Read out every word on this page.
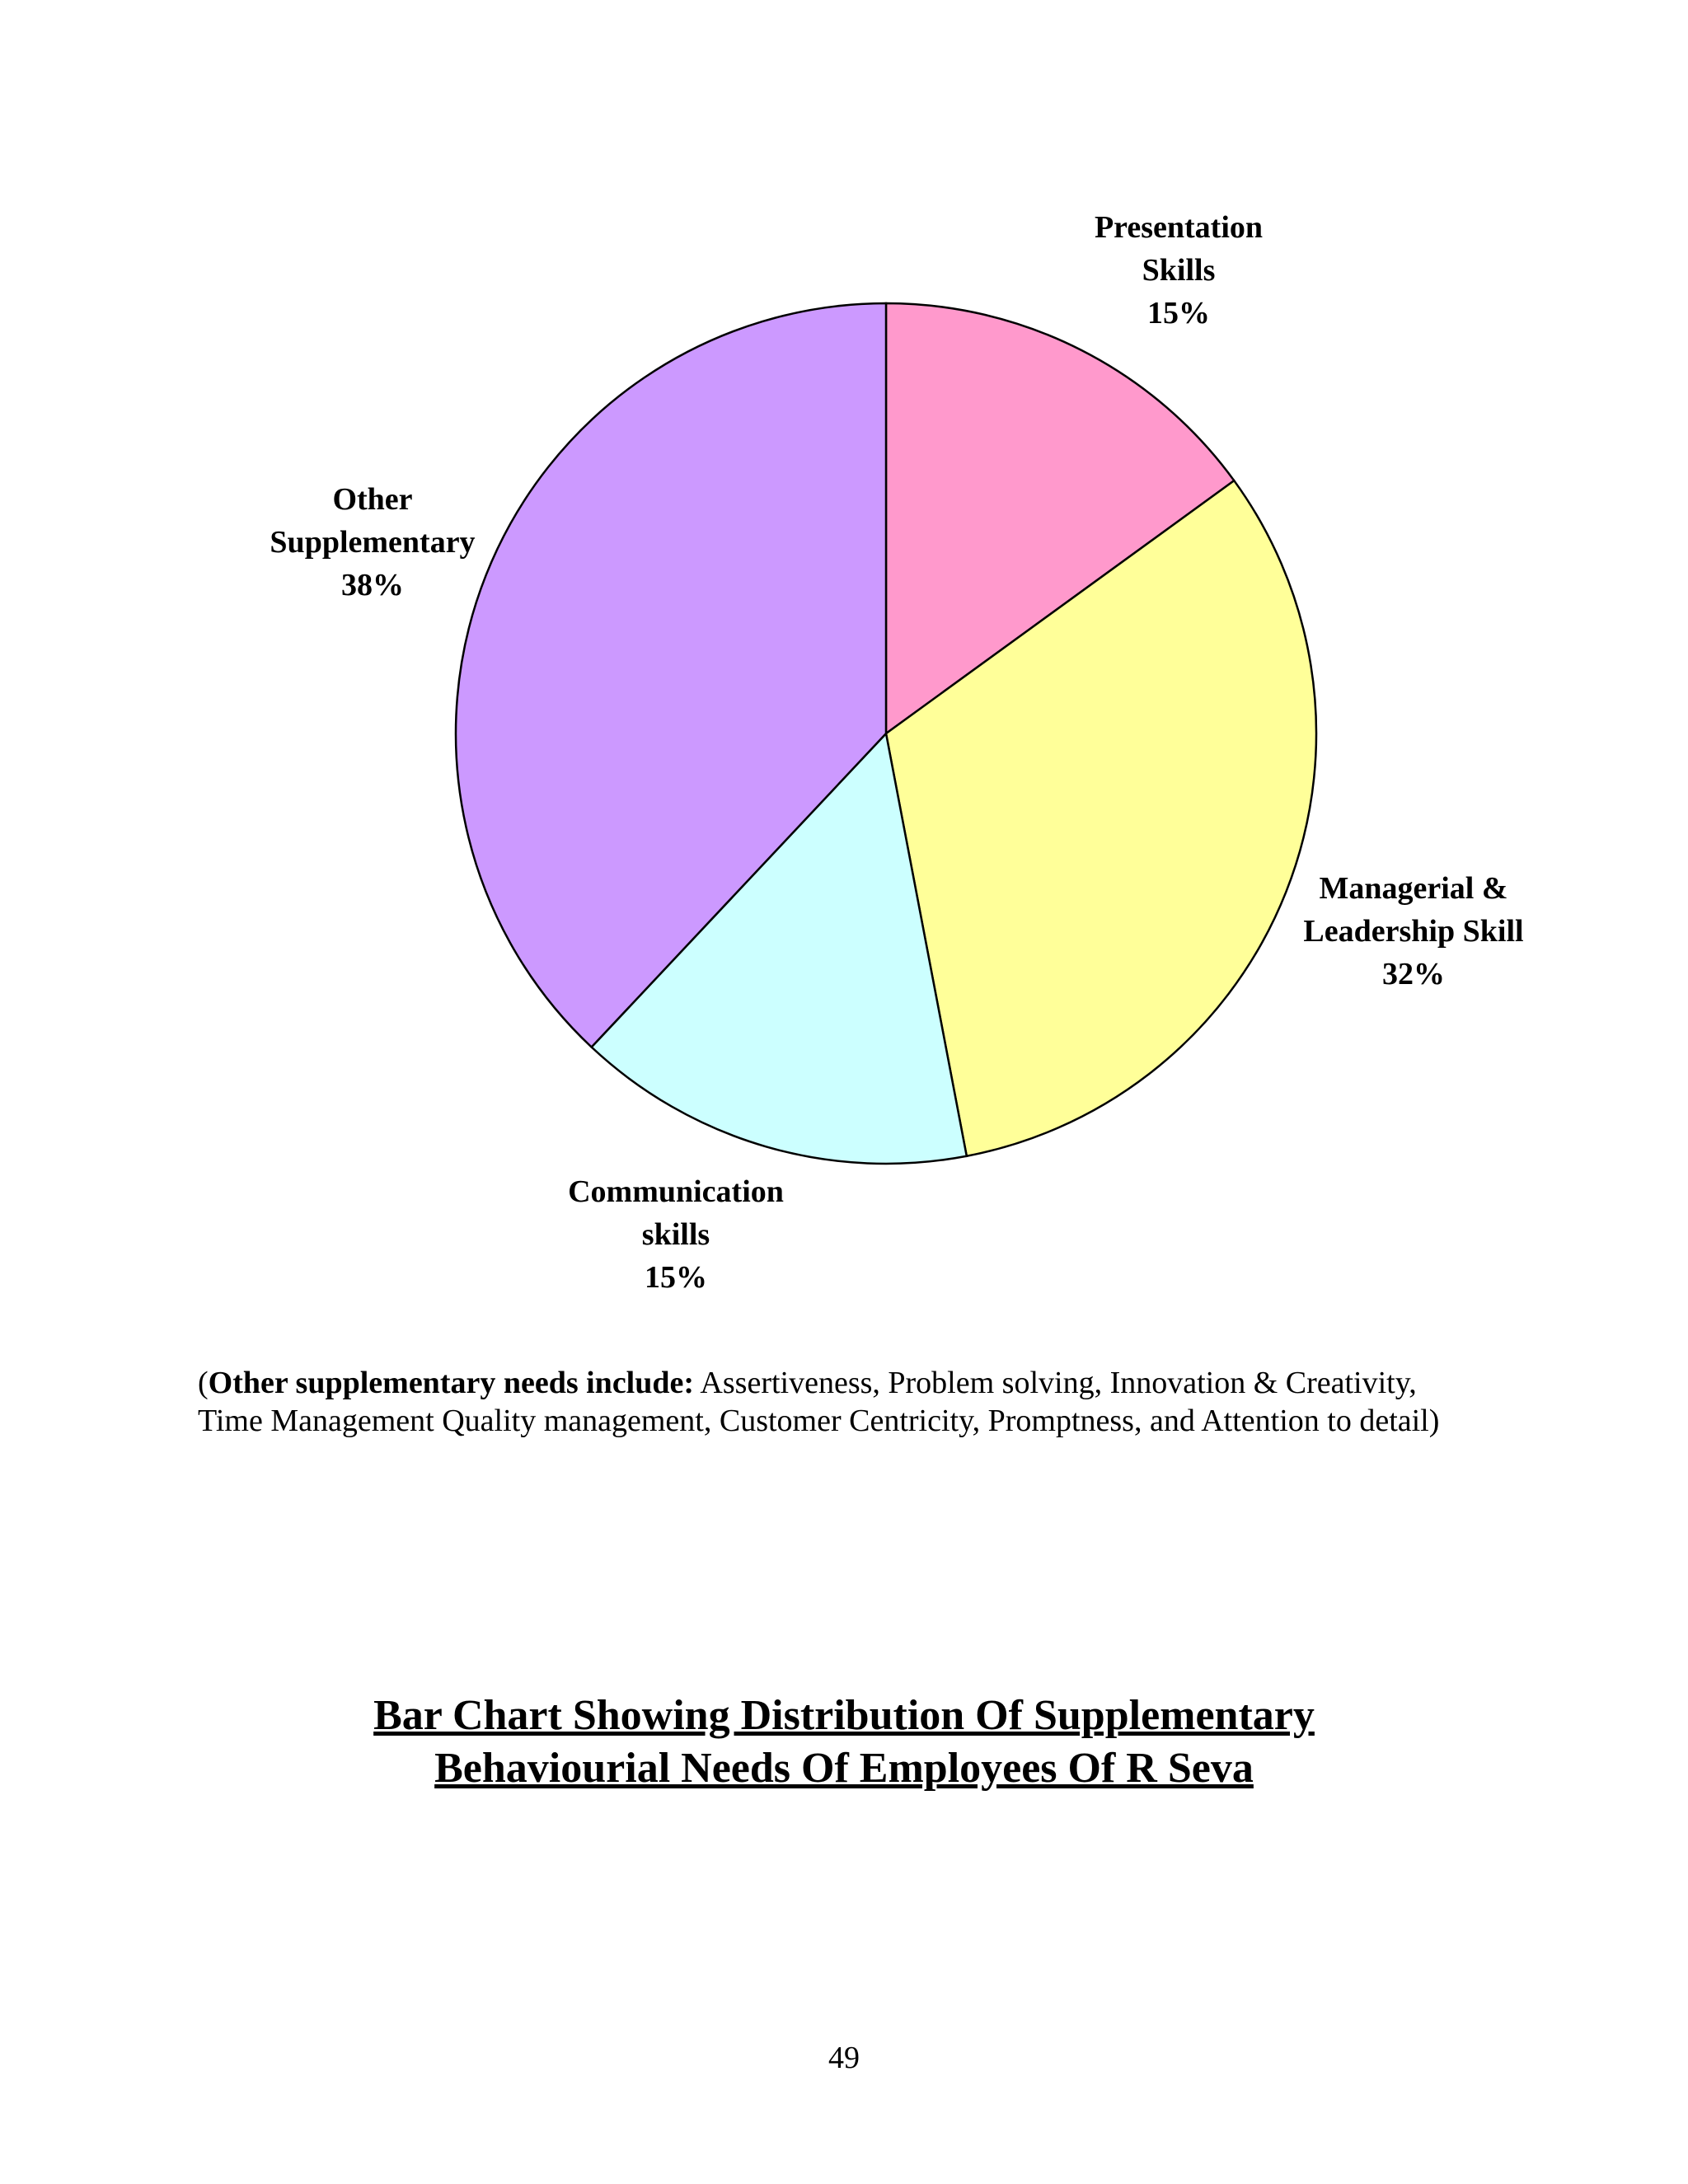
Presentation Skills 15%
Managerial & Leadership Skill 32%
Communication skills 15%
Other Supplementary 38%
(Other supplementary needs include: Assertiveness, Problem solving, Innovation & Creativity, Time Management Quality management, Customer Centricity, Promptness, and Attention to detail)
Bar Chart Showing Distribution Of Supplementary
Behaviourial Needs Of Employees Of R Seva
49
